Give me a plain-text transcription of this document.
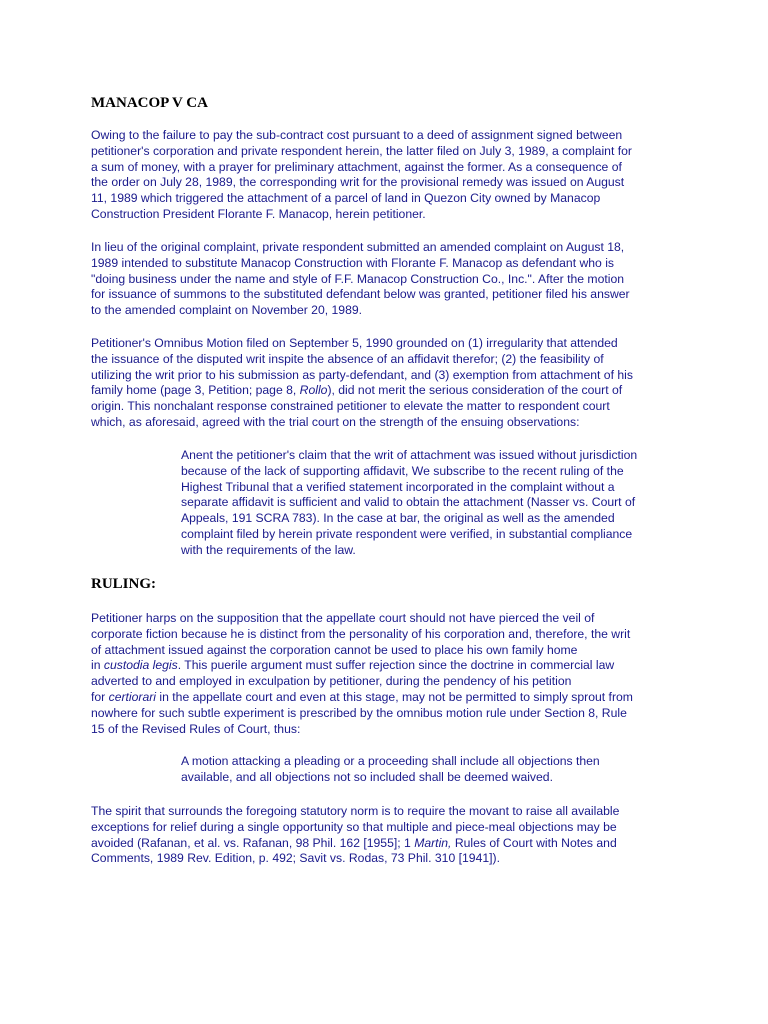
MANACOP V CA
Owing to the failure to pay the sub-contract cost pursuant to a deed of assignment signed between
petitioner's corporation and private respondent herein, the latter filed on July 3, 1989, a complaint for
a sum of money, with a prayer for preliminary attachment, against the former. As a consequence of
the order on July 28, 1989, the corresponding writ for the provisional remedy was issued on August
11, 1989 which triggered the attachment of a parcel of land in Quezon City owned by Manacop
Construction President Florante F. Manacop, herein petitioner.
In lieu of the original complaint, private respondent submitted an amended complaint on August 18,
1989 intended to substitute Manacop Construction with Florante F. Manacop as defendant who is
"doing business under the name and style of F.F. Manacop Construction Co., Inc.". After the motion
for issuance of summons to the substituted defendant below was granted, petitioner filed his answer
to the amended complaint on November 20, 1989.
Petitioner's Omnibus Motion filed on September 5, 1990 grounded on (1) irregularity that attended
the issuance of the disputed writ inspite the absence of an affidavit therefor; (2) the feasibility of
utilizing the writ prior to his submission as party-defendant, and (3) exemption from attachment of his
family home (page 3, Petition; page 8, Rollo), did not merit the serious consideration of the court of
origin. This nonchalant response constrained petitioner to elevate the matter to respondent court
which, as aforesaid, agreed with the trial court on the strength of the ensuing observations:
Anent the petitioner's claim that the writ of attachment was issued without jurisdiction
because of the lack of supporting affidavit, We subscribe to the recent ruling of the
Highest Tribunal that a verified statement incorporated in the complaint without a
separate affidavit is sufficient and valid to obtain the attachment (Nasser vs. Court of
Appeals, 191 SCRA 783). In the case at bar, the original as well as the amended
complaint filed by herein private respondent were verified, in substantial compliance
with the requirements of the law.
RULING:
Petitioner harps on the supposition that the appellate court should not have pierced the veil of
corporate fiction because he is distinct from the personality of his corporation and, therefore, the writ
of attachment issued against the corporation cannot be used to place his own family home
in custodia legis. This puerile argument must suffer rejection since the doctrine in commercial law
adverted to and employed in exculpation by petitioner, during the pendency of his petition
for certiorari in the appellate court and even at this stage, may not be permitted to simply sprout from
nowhere for such subtle experiment is prescribed by the omnibus motion rule under Section 8, Rule
15 of the Revised Rules of Court, thus:
A motion attacking a pleading or a proceeding shall include all objections then
available, and all objections not so included shall be deemed waived.
The spirit that surrounds the foregoing statutory norm is to require the movant to raise all available
exceptions for relief during a single opportunity so that multiple and piece-meal objections may be
avoided (Rafanan, et al. vs. Rafanan, 98 Phil. 162 [1955]; 1 Martin, Rules of Court with Notes and
Comments, 1989 Rev. Edition, p. 492; Savit vs. Rodas, 73 Phil. 310 [1941]).
